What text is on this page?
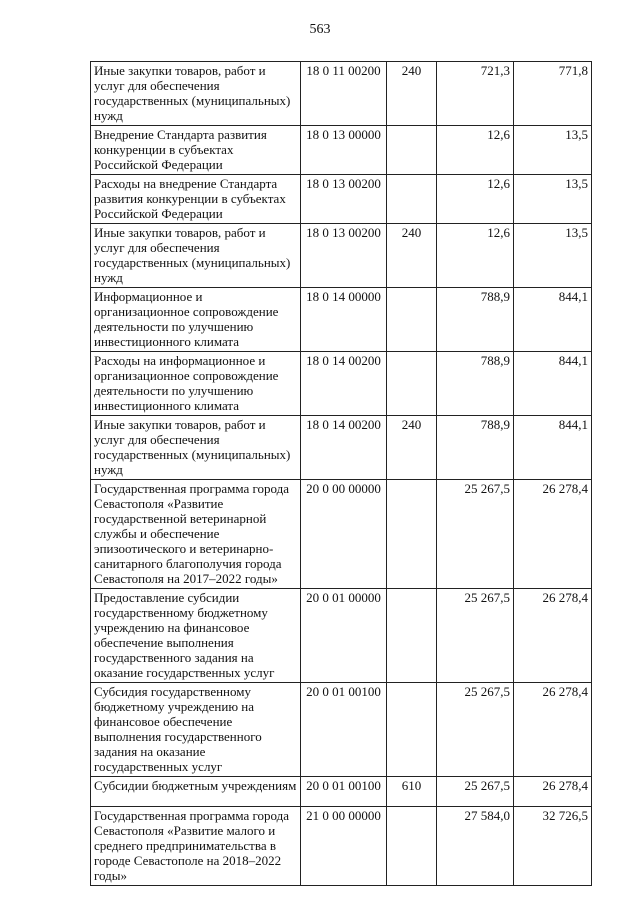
563
Иные закупки товаров, работ и услуг для обеспечения государственных (муниципальных) нужд	18 0 11 00200	240	721,3	771,8
Внедрение Стандарта развития конкуренции в субъектах Российской Федерации	18 0 13 00000		12,6	13,5
Расходы на внедрение Стандарта развития конкуренции в субъектах Российской Федерации	18 0 13 00200		12,6	13,5
Иные закупки товаров, работ и услуг для обеспечения государственных (муниципальных) нужд	18 0 13 00200	240	12,6	13,5
Информационное и организационное сопровождение деятельности по улучшению инвестиционного климата	18 0 14 00000		788,9	844,1
Расходы на информационное и организационное сопровождение деятельности по улучшению инвестиционного климата	18 0 14 00200		788,9	844,1
Иные закупки товаров, работ и услуг для обеспечения государственных (муниципальных) нужд	18 0 14 00200	240	788,9	844,1
Государственная программа города Севастополя «Развитие государственной ветеринарной службы и обеспечение эпизоотического и ветеринарно-санитарного благополучия города Севастополя на 2017–2022 годы»	20 0 00 00000		25 267,5	26 278,4
Предоставление субсидии государственному бюджетному учреждению на финансовое обеспечение выполнения государственного задания на оказание государственных услуг	20 0 01 00000		25 267,5	26 278,4
Субсидия государственному бюджетному учреждению на финансовое обеспечение выполнения государственного задания на оказание государственных услуг	20 0 01 00100		25 267,5	26 278,4
Субсидии бюджетным учреждениям	20 0 01 00100	610	25 267,5	26 278,4
Государственная программа города Севастополя «Развитие малого и среднего предпринимательства в городе Севастополе на 2018–2022 годы»	21 0 00 00000		27 584,0	32 726,5
